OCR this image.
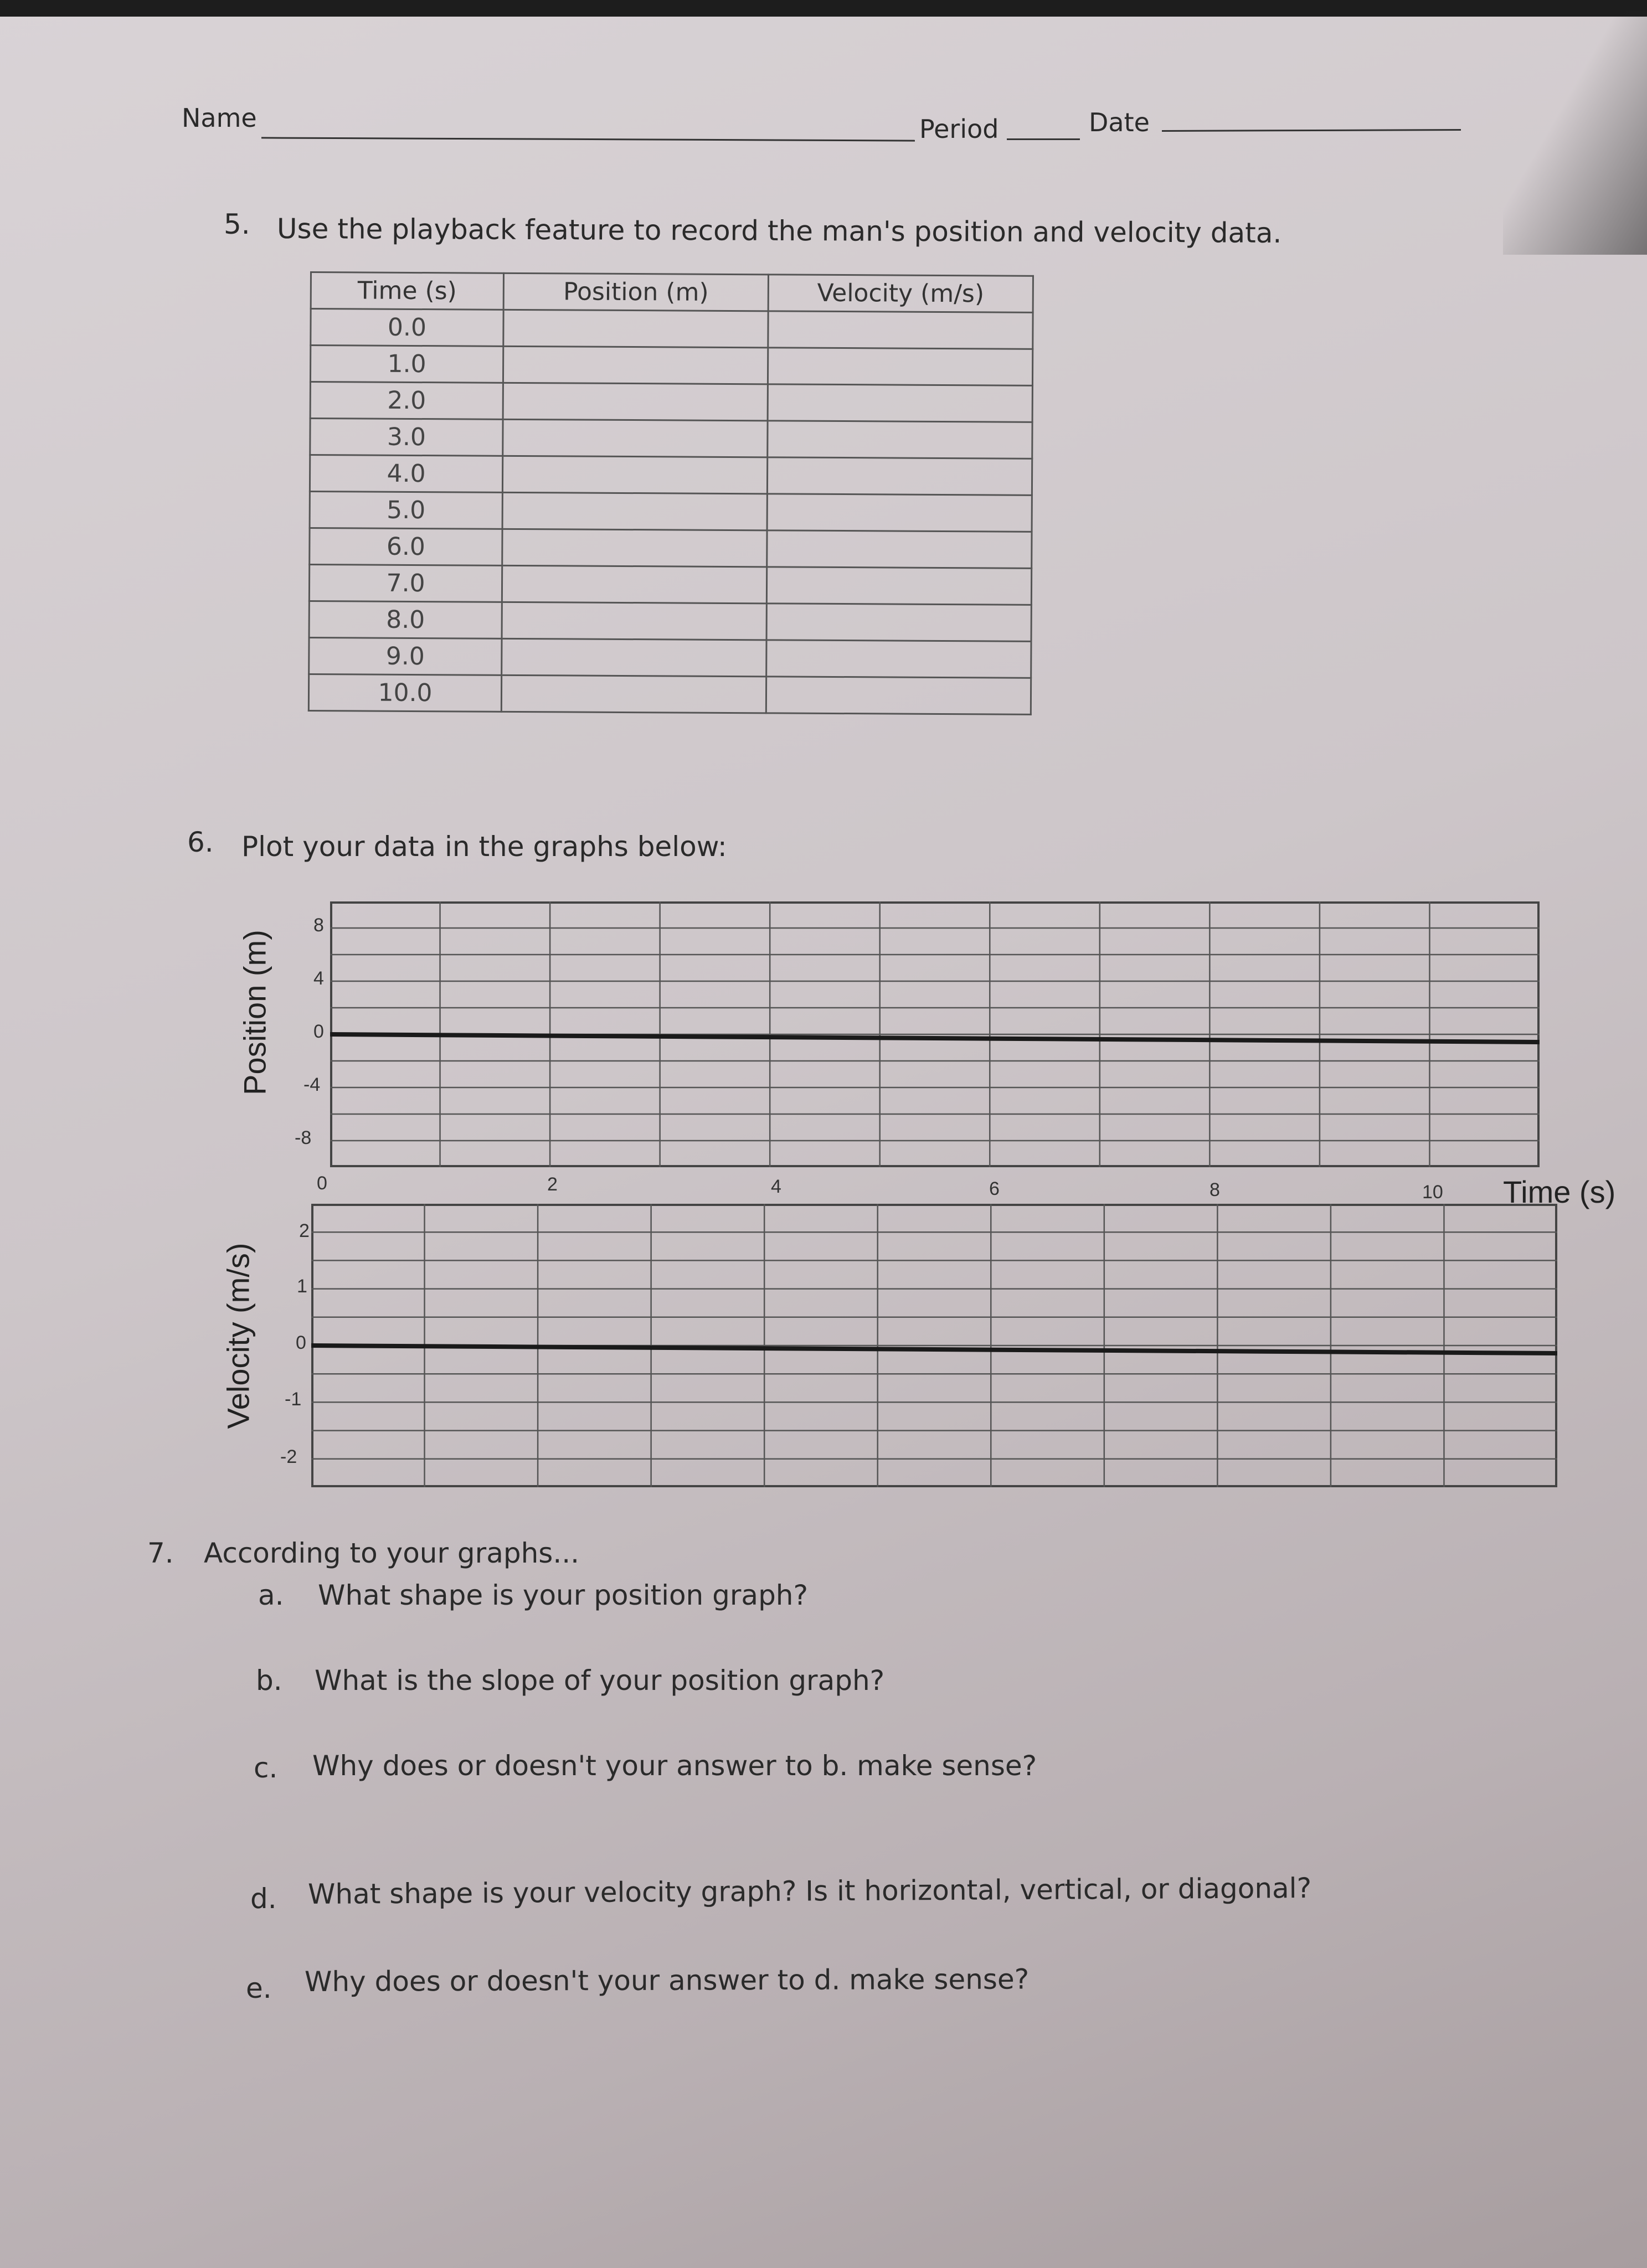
Name	Period	Date
5. Use the playback feature to record the man's position and velocity data.
Time (s)	Position (m)	Velocity (m/s)
0.0		
1.0		
2.0		
3.0		
4.0		
5.0		
6.0		
7.0		
8.0		
9.0		
10.0		
6. Plot your data in the graphs below:
Position (m)
8
4
0
-4
-8
0	2	4	6	8	10 Time (s)
Velocity (m/s)
2
1
0
-1
-2
7. According to your graphs...
a. What shape is your position graph?
b. What is the slope of your position graph?
c. Why does or doesn't your answer to b. make sense?
d. What shape is your velocity graph? Is it horizontal, vertical, or diagonal?
e. Why does or doesn't your answer to d. make sense?
